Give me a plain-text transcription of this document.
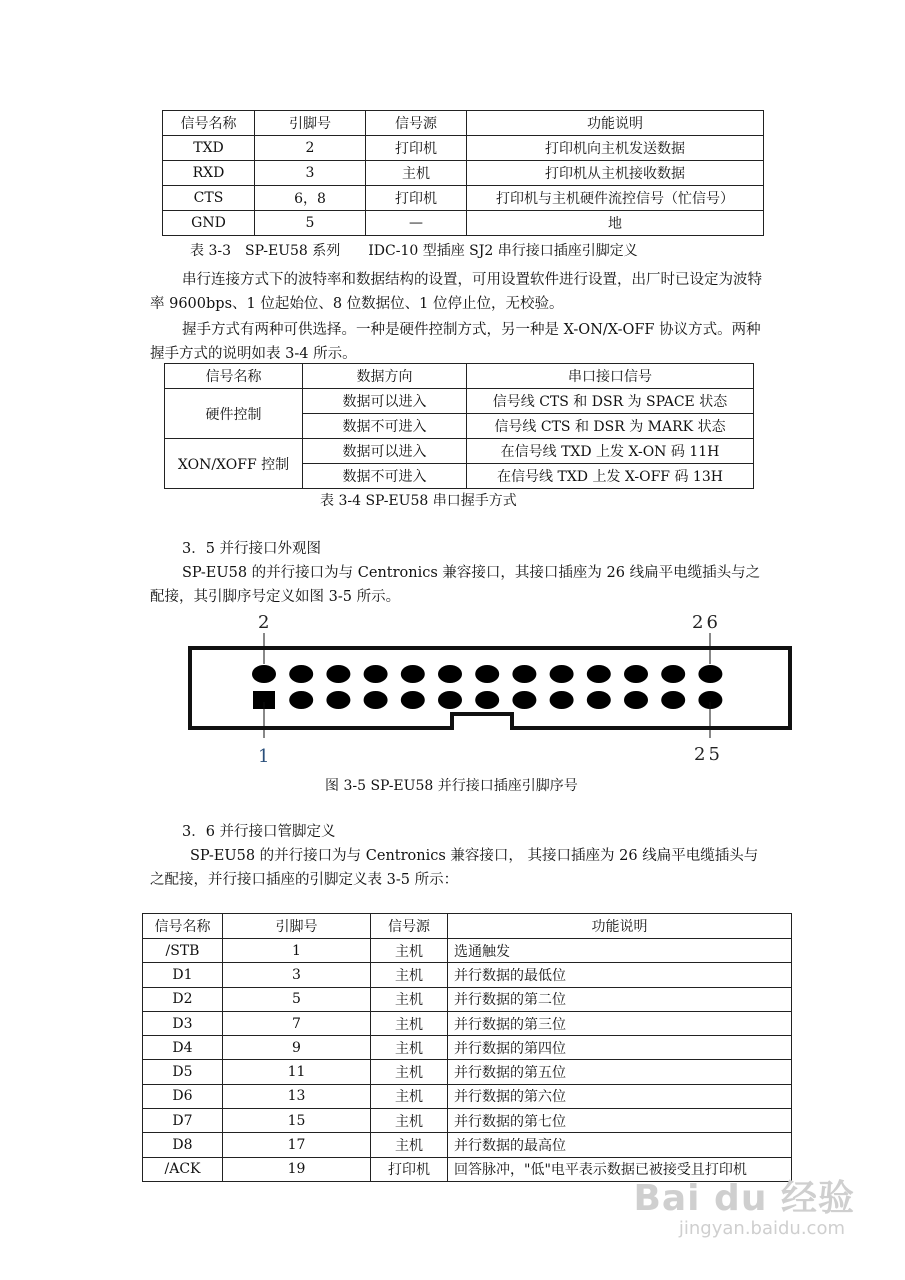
信号名称	引脚号	信号源	功能说明
TXD	2	打印机	打印机向主机发送数据
RXD	3	主机	打印机从主机接收数据
CTS	6，8	打印机	打印机与主机硬件流控信号（忙信号）
GND	5	—	地
表 3-3　SP-EU58 系列　　IDC-10 型插座 SJ2 串行接口插座引脚定义

串行连接方式下的波特率和数据结构的设置，可用设置软件进行设置，出厂时已设定为波特率 9600bps、1 位起始位、8 位数据位、1 位停止位，无校验。

握手方式有两种可供选择。一种是硬件控制方式，另一种是 X-ON/X-OFF 协议方式。两种握手方式的说明如表 3-4 所示。

信号名称	数据方向	串口接口信号
硬件控制	数据可以进入	信号线 CTS 和 DSR 为 SPACE 状态
	数据不可进入	信号线 CTS 和 DSR 为 MARK 状态
XON/XOFF 控制	数据可以进入	在信号线 TXD 上发 X-ON 码 11H
	数据不可进入	在信号线 TXD 上发 X-OFF 码 13H
表 3-4 SP-EU58 串口握手方式
3．5 并行接口外观图

SP-EU58 的并行接口为与 Centronics 兼容接口，其接口插座为 26 线扁平电缆插头与之配接，其引脚序号定义如图 3-5 所示。

2	26
1	25
图 3-5 SP-EU58 并行接口插座引脚序号
3．6 并行接口管脚定义

SP-EU58 的并行接口为与 Centronics 兼容接口， 其接口插座为 26 线扁平电缆插头与之配接，并行接口插座的引脚定义表 3-5 所示：

信号名称	引脚号	信号源	功能说明
/STB	1	主机	选通触发
D1	3	主机	并行数据的最低位
D2	5	主机	并行数据的第二位
D3	7	主机	并行数据的第三位
D4	9	主机	并行数据的第四位
D5	11	主机	并行数据的第五位
D6	13	主机	并行数据的第六位
D7	15	主机	并行数据的第七位
D8	17	主机	并行数据的最高位
/ACK	19	打印机	回答脉冲，"低"电平表示数据已被接受且打印机
Bai du 经验
jingyan.baidu.com
